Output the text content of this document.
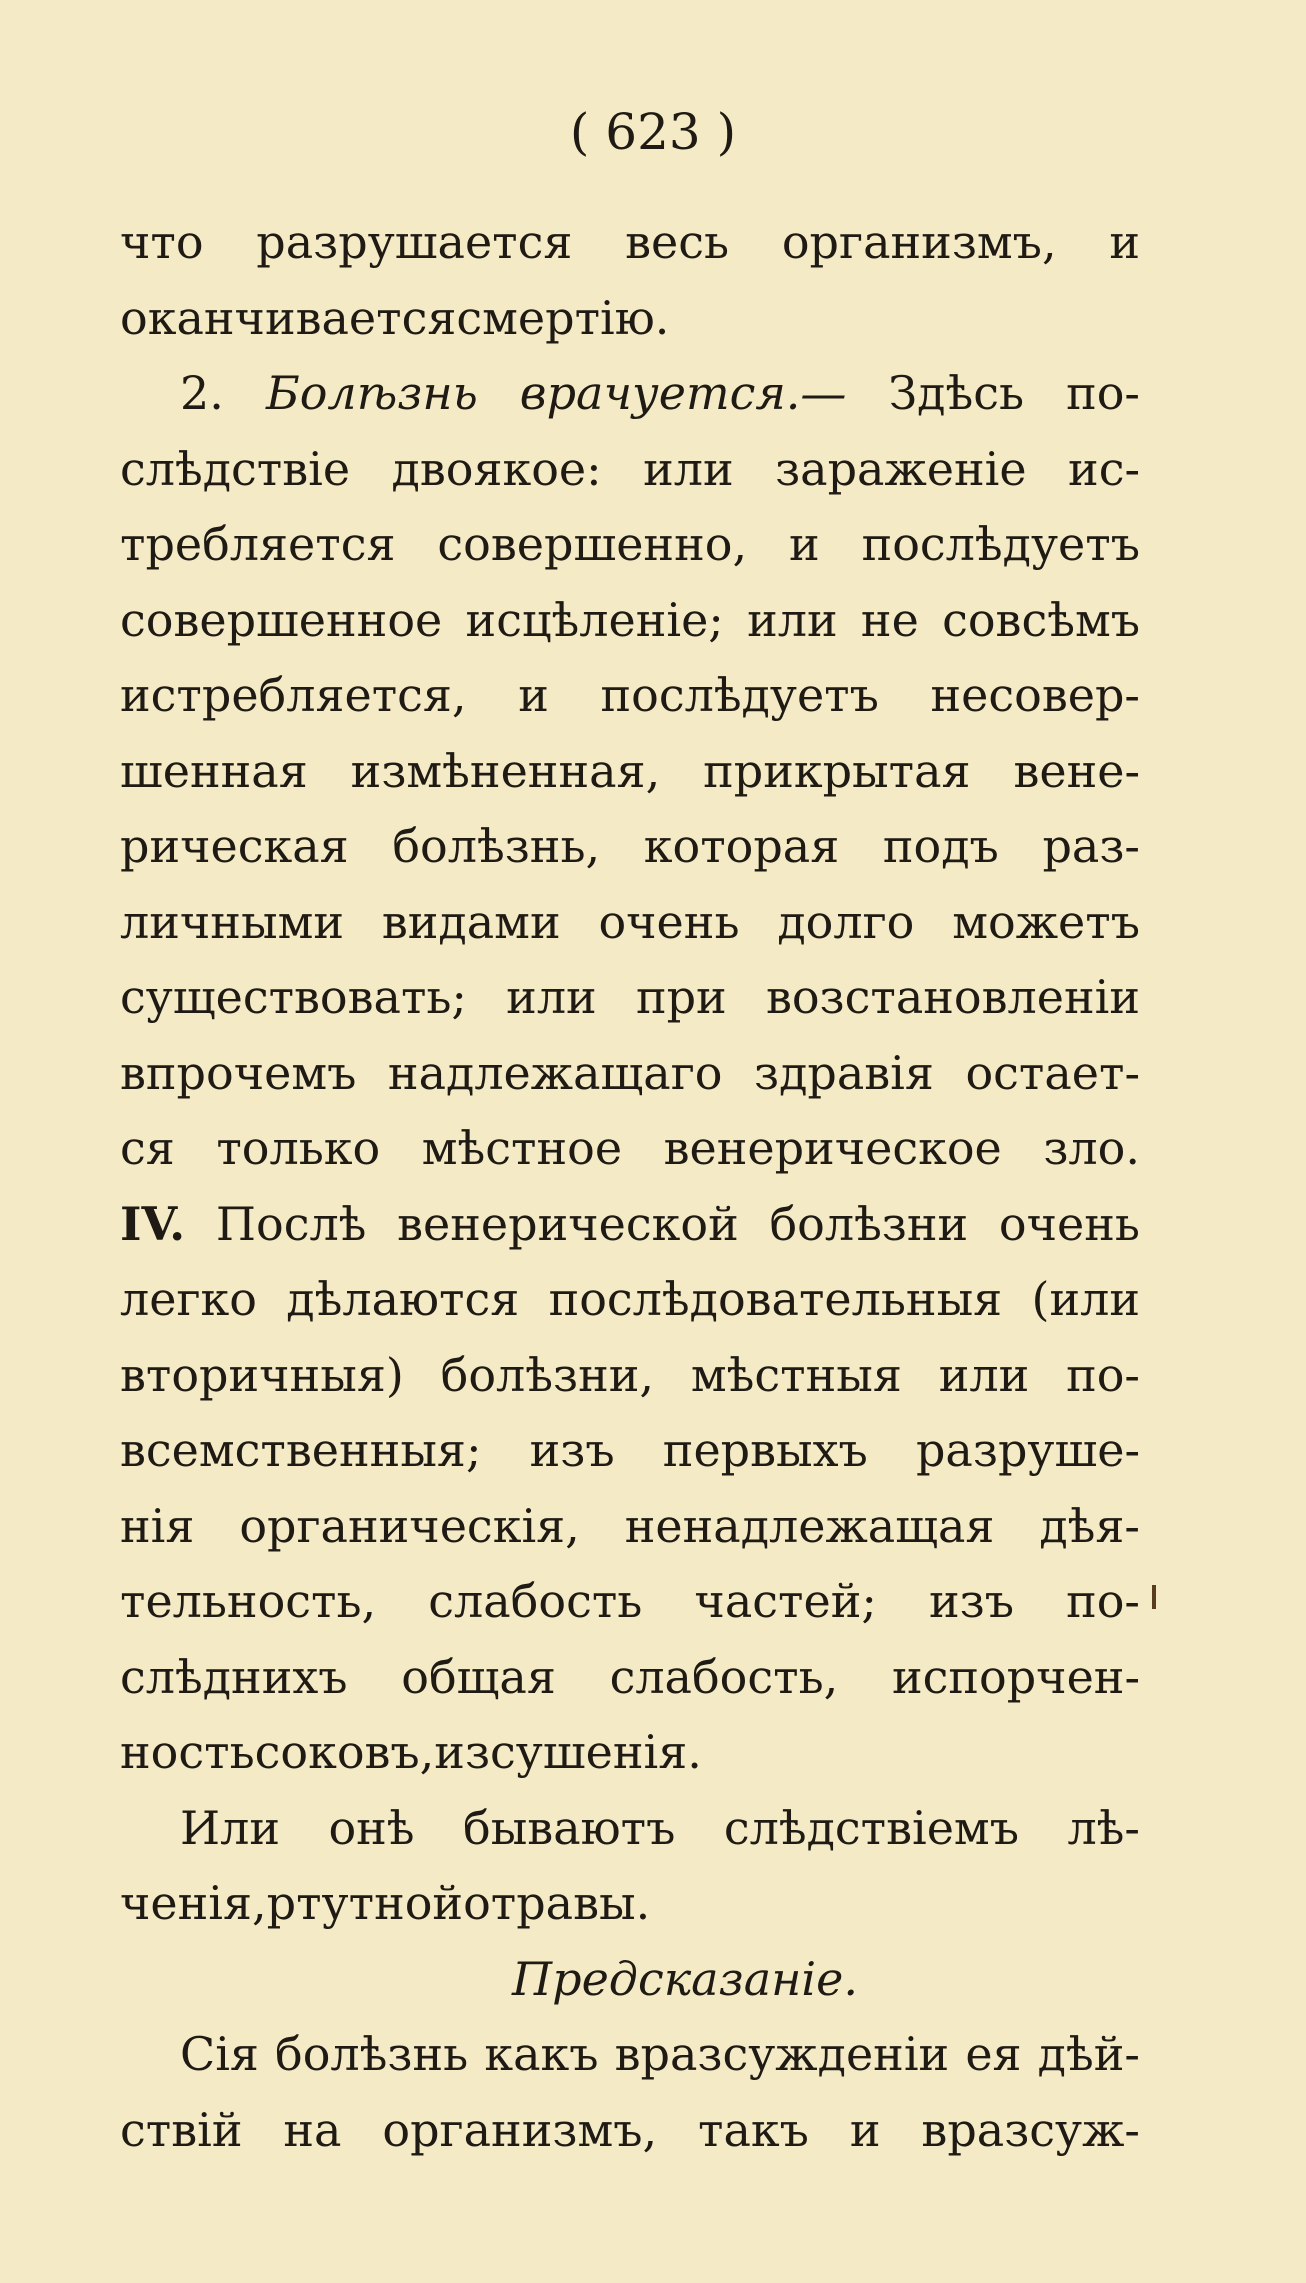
( 623 )
что разрушается весь организмъ, и
оканчивается смертію.
2. Болѣзнь врачуется.— Здѣсь по-
слѣдствіе двоякое: или зараженіе ис-
требляется совершенно, и послѣдуетъ
совершенное исцѣленіе; или не совсѣмъ
истребляется, и послѣдуетъ несовер-
шенная измѣненная, прикрытая вене-
рическая болѣзнь, которая подъ раз-
личными видами очень долго можетъ
существовать; или при возстановленіи
впрочемъ надлежащаго здравія остает-
ся только мѣстное венерическое зло.
IV. Послѣ венерической болѣзни очень
легко дѣлаются послѣдовательныя (или
вторичныя) болѣзни, мѣстныя или по-
всемственныя; изъ первыхъ разруше-
нія органическія, ненадлежащая дѣя-
тельность, слабость частей; изъ по-
слѣднихъ общая слабость, испорчен-
ность соковъ, изсушенія.
Или онѣ бываютъ слѣдствіемъ лѣ-
ченія, ртутной отравы.
Предсказаніе.
Сія болѣзнь какъ вразсужденіи ея дѣй-
ствій на организмъ, такъ и вразсуж-
